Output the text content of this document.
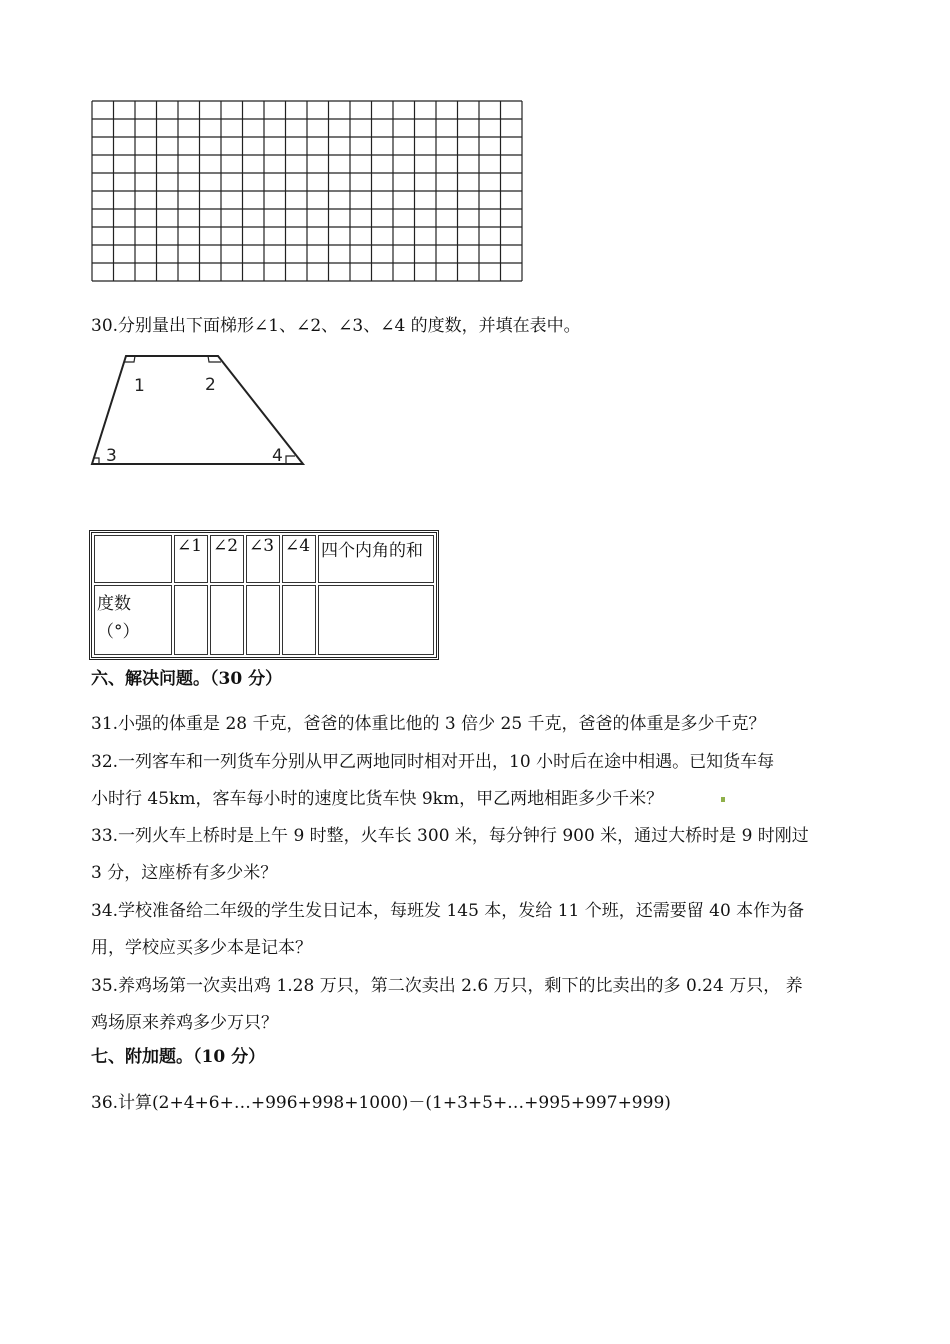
30.分别量出下面梯形∠1、∠2、∠3、∠4 的度数，并填在表中。
1	2
3	4
	∠1	∠2	∠3	∠4	四个内角的和

度数
（°）					

六、解决问题。（30 分）
31.小强的体重是 28 千克，爸爸的体重比他的 3 倍少 25 千克，爸爸的体重是多少千克？
32.一列客车和一列货车分别从甲乙两地同时相对开出，10 小时后在途中相遇。已知货车每
小时行 45km，客车每小时的速度比货车快 9km，甲乙两地相距多少千米？
33.一列火车上桥时是上午 9 时整，火车长 300 米，每分钟行 900 米，通过大桥时是 9 时刚过
3 分，这座桥有多少米？
34.学校准备给二年级的学生发日记本，每班发 145 本，发给 11 个班，还需要留 40 本作为备
用，学校应买多少本是记本？
35.养鸡场第一次卖出鸡 1.28 万只，第二次卖出 2.6 万只，剩下的比卖出的多 0.24 万只， 养
鸡场原来养鸡多少万只？
七、附加题。（10 分）
36.计算(2+4+6+…+996+998+1000)－(1+3+5+…+995+997+999)
